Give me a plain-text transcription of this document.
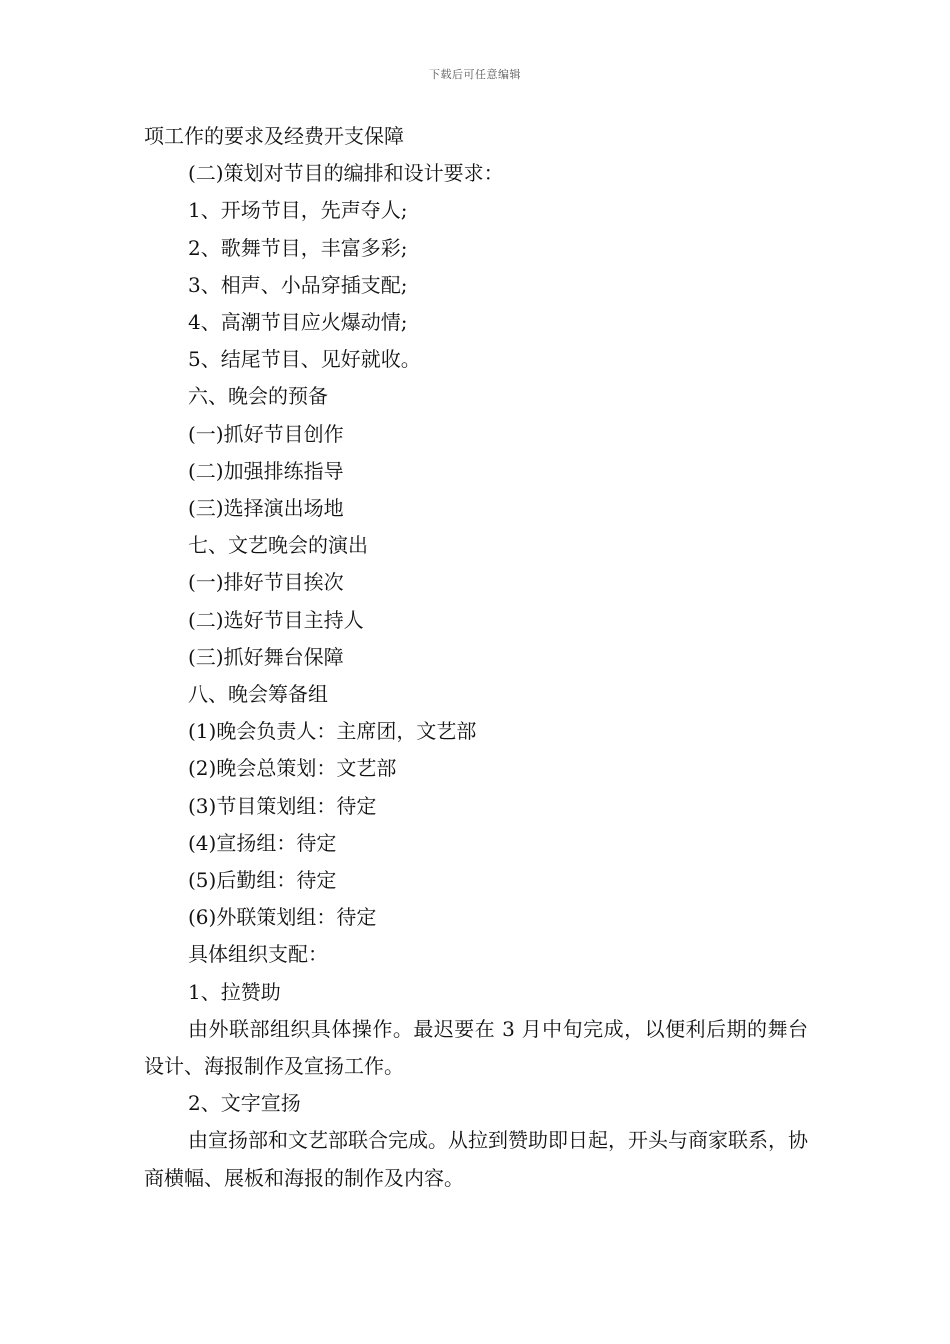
下载后可任意编辑
项工作的要求及经费开支保障
(二)策划对节目的编排和设计要求：
1、开场节目，先声夺人;
2、歌舞节目，丰富多彩;
3、相声、小品穿插支配;
4、高潮节目应火爆动情;
5、结尾节目、见好就收。
六、晚会的预备
(一)抓好节目创作
(二)加强排练指导
(三)选择演出场地
七、文艺晚会的演出
(一)排好节目挨次
(二)选好节目主持人
(三)抓好舞台保障
八、晚会筹备组
(1)晚会负责人：主席团，文艺部
(2)晚会总策划：文艺部
(3)节目策划组：待定
(4)宣扬组：待定
(5)后勤组：待定
(6)外联策划组：待定
具体组织支配：
1、拉赞助
由外联部组织具体操作。最迟要在 3 月中旬完成，以便利后期的舞台设计、海报制作及宣扬工作。
2、文字宣扬
由宣扬部和文艺部联合完成。从拉到赞助即日起，开头与商家联系，协商横幅、展板和海报的制作及内容。
